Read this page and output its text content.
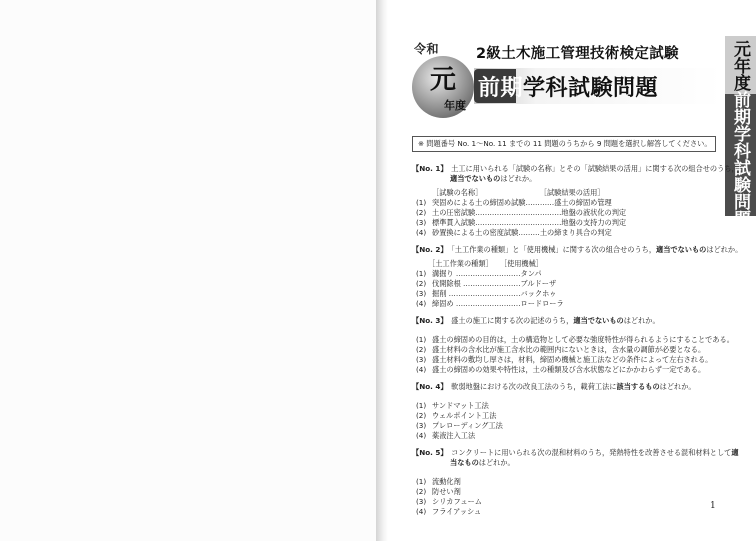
令和
元
年度
2級土木施工管理技術検定試験
前期学科試験問題	元年度前期学科試験問題
※ 問題番号 No. 1～No. 11 までの 11 問題のうちから 9 問題を選択し解答してください。
【No. 1】　 土工に用いられる「試験の名称」とその「試験結果の活用」に関する次の組合せのうち，
適当でないものはどれか。
［試験の名称］　　　　　　　　　［試験結果の活用］
(1) 突固めによる土の締固め試験…………盛土の締固め管理
(2) 土の圧密試験………………………………地盤の液状化の判定
(3) 標準貫入試験………………………………地盤の支持力の判定
(4) 砂置換による土の密度試験………土の締まり具合の判定
【No. 2】　 「土工作業の種類」と「使用機械」に関する次の組合せのうち，適当でないものはどれか。
［土工作業の種類］　　［使用機械］
(1) 溝掘り ………………………タンパ
(2) 伐開除根 ……………………ブルドーザ
(3) 掘削 …………………………バックホゥ
(4) 締固め ………………………ロードローラ
【No. 3】　 盛土の施工に関する次の記述のうち，適当でないものはどれか。
(1) 盛土の締固めの目的は，土の構造物として必要な強度特性が得られるようにすることである。
(2) 盛土材料の含水比が施工含水比の範囲内にないときは，含水量の調節が必要となる。
(3) 盛土材料の敷均し厚さは，材料，締固め機械と施工法などの条件によって左右される。
(4) 盛土の締固めの効果や特性は，土の種類及び含水状態などにかかわらず一定である。
【No. 4】　 軟弱地盤における次の改良工法のうち，載荷工法に該当するものはどれか。
(1) サンドマット工法
(2) ウェルポイント工法
(3) プレローディング工法
(4) 薬液注入工法
【No. 5】　 コンクリートに用いられる次の混和材料のうち，発熱特性を改善させる混和材料として適
当なものはどれか。
(1) 流動化剤
(2) 防せい剤
(3) シリカフューム
(4) フライアッシュ
1
